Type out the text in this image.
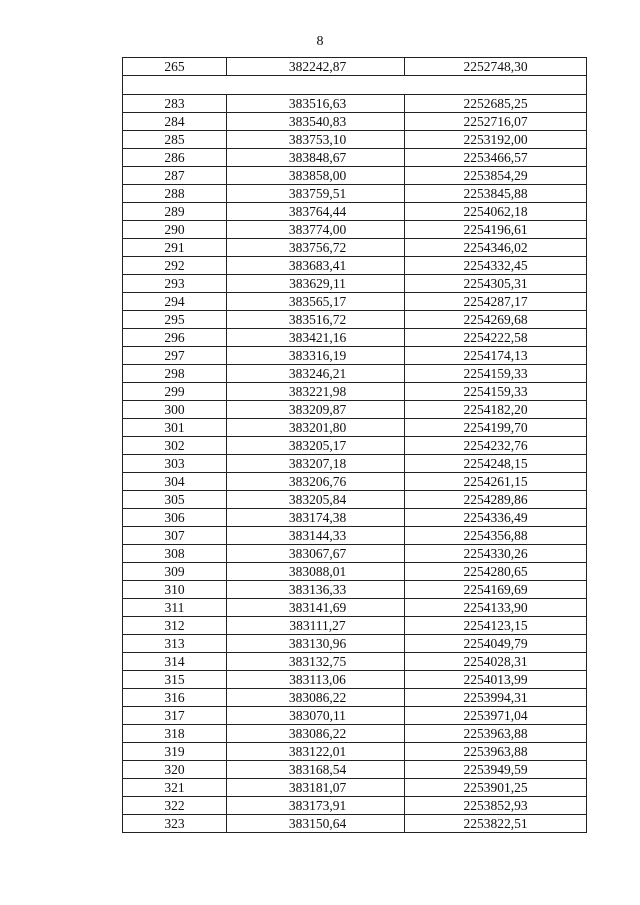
8
265	382242,87	2252748,30

283	383516,63	2252685,25
284	383540,83	2252716,07
285	383753,10	2253192,00
286	383848,67	2253466,57
287	383858,00	2253854,29
288	383759,51	2253845,88
289	383764,44	2254062,18
290	383774,00	2254196,61
291	383756,72	2254346,02
292	383683,41	2254332,45
293	383629,11	2254305,31
294	383565,17	2254287,17
295	383516,72	2254269,68
296	383421,16	2254222,58
297	383316,19	2254174,13
298	383246,21	2254159,33
299	383221,98	2254159,33
300	383209,87	2254182,20
301	383201,80	2254199,70
302	383205,17	2254232,76
303	383207,18	2254248,15
304	383206,76	2254261,15
305	383205,84	2254289,86
306	383174,38	2254336,49
307	383144,33	2254356,88
308	383067,67	2254330,26
309	383088,01	2254280,65
310	383136,33	2254169,69
311	383141,69	2254133,90
312	383111,27	2254123,15
313	383130,96	2254049,79
314	383132,75	2254028,31
315	383113,06	2254013,99
316	383086,22	2253994,31
317	383070,11	2253971,04
318	383086,22	2253963,88
319	383122,01	2253963,88
320	383168,54	2253949,59
321	383181,07	2253901,25
322	383173,91	2253852,93
323	383150,64	2253822,51
